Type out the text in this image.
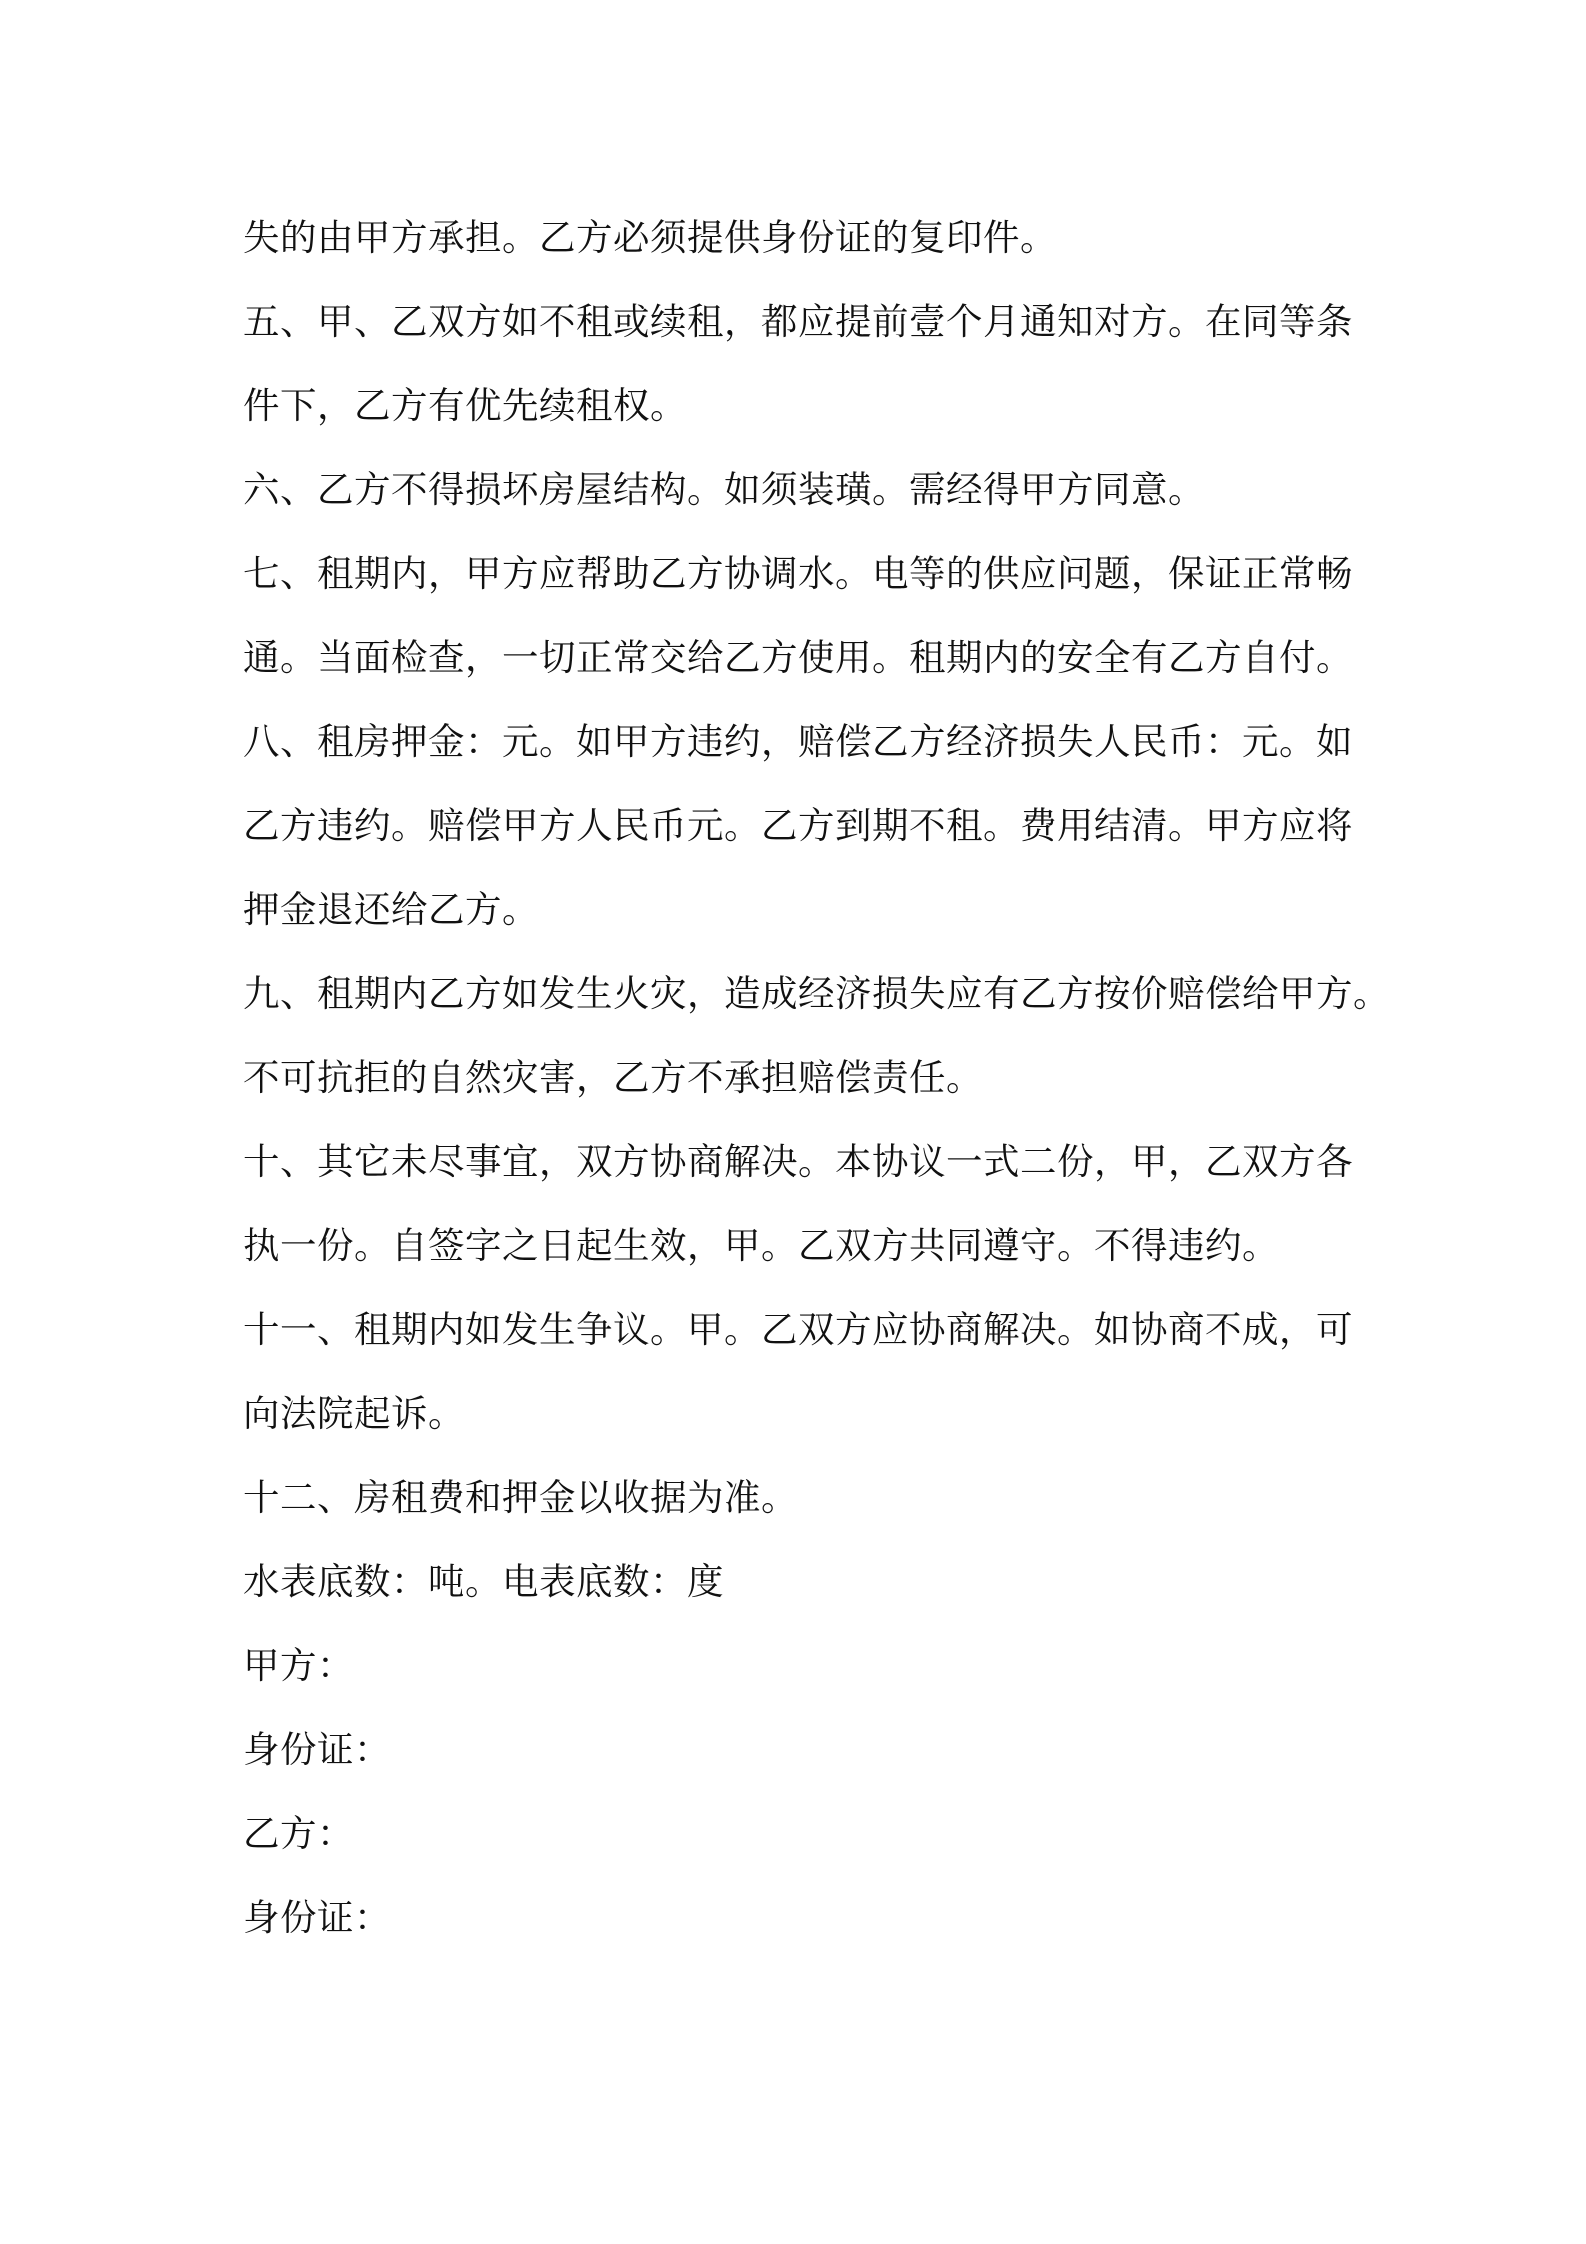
失的由甲方承担。乙方必须提供身份证的复印件。
五、甲、乙双方如不租或续租，都应提前壹个月通知对方。在同等条
件下，乙方有优先续租权。
六、乙方不得损坏房屋结构。如须装璜。需经得甲方同意。
七、租期内，甲方应帮助乙方协调水。电等的供应问题，保证正常畅
通。当面检查，一切正常交给乙方使用。租期内的安全有乙方自付。
八、租房押金：元。如甲方违约，赔偿乙方经济损失人民币：元。如
乙方违约。赔偿甲方人民币元。乙方到期不租。费用结清。甲方应将
押金退还给乙方。
九、租期内乙方如发生火灾，造成经济损失应有乙方按价赔偿给甲方。
不可抗拒的自然灾害，乙方不承担赔偿责任。
十、其它未尽事宜，双方协商解决。本协议一式二份，甲，乙双方各
执一份。自签字之日起生效，甲。乙双方共同遵守。不得违约。
十一、租期内如发生争议。甲。乙双方应协商解决。如协商不成，可
向法院起诉。
十二、房租费和押金以收据为准。
水表底数：吨。电表底数：度
甲方：
身份证：
乙方：
身份证：
